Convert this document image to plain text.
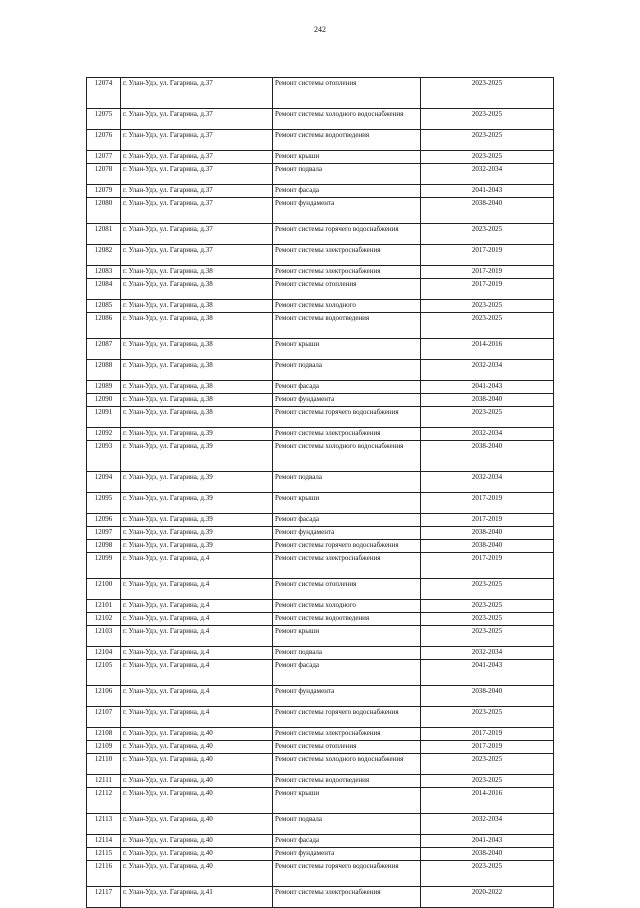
242
12074	г. Улан-Удэ, ул. Гагарина, д.37	Ремонт системы отопления	2023-2025
12075	г. Улан-Удэ, ул. Гагарина, д.37	Ремонт системы холодного водоснабжения	2023-2025
12076	г. Улан-Удэ, ул. Гагарина, д.37	Ремонт системы водоотведения	2023-2025
12077	г. Улан-Удэ, ул. Гагарина, д.37	Ремонт крыши	2023-2025
12078	г. Улан-Удэ, ул. Гагарина, д.37	Ремонт подвала	2032-2034
12079	г. Улан-Удэ, ул. Гагарина, д.37	Ремонт фасада	2041-2043
12080	г. Улан-Удэ, ул. Гагарина, д.37	Ремонт фундамента	2038-2040
12081	г. Улан-Удэ, ул. Гагарина, д.37	Ремонт системы горячего водоснабжения	2023-2025
12082	г. Улан-Удэ, ул. Гагарина, д.37	Ремонт системы электроснабжения	2017-2019
12083	г. Улан-Удэ, ул. Гагарина, д.38	Ремонт системы электроснабжения	2017-2019
12084	г. Улан-Удэ, ул. Гагарина, д.38	Ремонт системы отопления	2017-2019
12085	г. Улан-Удэ, ул. Гагарина, д.38	Ремонт системы холодного	2023-2025
12086	г. Улан-Удэ, ул. Гагарина, д.38	Ремонт системы водоотведения	2023-2025
12087	г. Улан-Удэ, ул. Гагарина, д.38	Ремонт крыши	2014-2016
12088	г. Улан-Удэ, ул. Гагарина, д.38	Ремонт подвала	2032-2034
12089	г. Улан-Удэ, ул. Гагарина, д.38	Ремонт фасада	2041-2043
12090	г. Улан-Удэ, ул. Гагарина, д.38	Ремонт фундамента	2038-2040
12091	г. Улан-Удэ, ул. Гагарина, д.38	Ремонт системы горячего водоснабжения	2023-2025
12092	г. Улан-Удэ, ул. Гагарина, д.39	Ремонт системы электроснабжения	2032-2034
12093	г. Улан-Удэ, ул. Гагарина, д.39	Ремонт системы холодного водоснабжения	2038-2040
12094	г. Улан-Удэ, ул. Гагарина, д.39	Ремонт подвала	2032-2034
12095	г. Улан-Удэ, ул. Гагарина, д.39	Ремонт крыши	2017-2019
12096	г. Улан-Удэ, ул. Гагарина, д.39	Ремонт фасада	2017-2019
12097	г. Улан-Удэ, ул. Гагарина, д.39	Ремонт фундамента	2038-2040
12098	г. Улан-Удэ, ул. Гагарина, д.39	Ремонт системы горячего водоснабжения	2038-2040
12099	г. Улан-Удэ, ул. Гагарина, д.4	Ремонт системы электроснабжения	2017-2019
12100	г. Улан-Удэ, ул. Гагарина, д.4	Ремонт системы отопления	2023-2025
12101	г. Улан-Удэ, ул. Гагарина, д.4	Ремонт системы холодного	2023-2025
12102	г. Улан-Удэ, ул. Гагарина, д.4	Ремонт системы водоотведения	2023-2025
12103	г. Улан-Удэ, ул. Гагарина, д.4	Ремонт крыши	2023-2025
12104	г. Улан-Удэ, ул. Гагарина, д.4	Ремонт подвала	2032-2034
12105	г. Улан-Удэ, ул. Гагарина, д.4	Ремонт фасада	2041-2043
12106	г. Улан-Удэ, ул. Гагарина, д.4	Ремонт фундамента	2038-2040
12107	г. Улан-Удэ, ул. Гагарина, д.4	Ремонт системы горячего водоснабжения	2023-2025
12108	г. Улан-Удэ, ул. Гагарина, д.40	Ремонт системы электроснабжения	2017-2019
12109	г. Улан-Удэ, ул. Гагарина, д.40	Ремонт системы отопления	2017-2019
12110	г. Улан-Удэ, ул. Гагарина, д.40	Ремонт системы холодного водоснабжения	2023-2025
12111	г. Улан-Удэ, ул. Гагарина, д.40	Ремонт системы водоотведения	2023-2025
12112	г. Улан-Удэ, ул. Гагарина, д.40	Ремонт крыши	2014-2016
12113	г. Улан-Удэ, ул. Гагарина, д.40	Ремонт подвала	2032-2034
12114	г. Улан-Удэ, ул. Гагарина, д.40	Ремонт фасада	2041-2043
12115	г. Улан-Удэ, ул. Гагарина, д.40	Ремонт фундамента	2038-2040
12116	г. Улан-Удэ, ул. Гагарина, д.40	Ремонт системы горячего водоснабжения	2023-2025
12117	г. Улан-Удэ, ул. Гагарина, д.41	Ремонт системы электроснабжения	2020-2022
